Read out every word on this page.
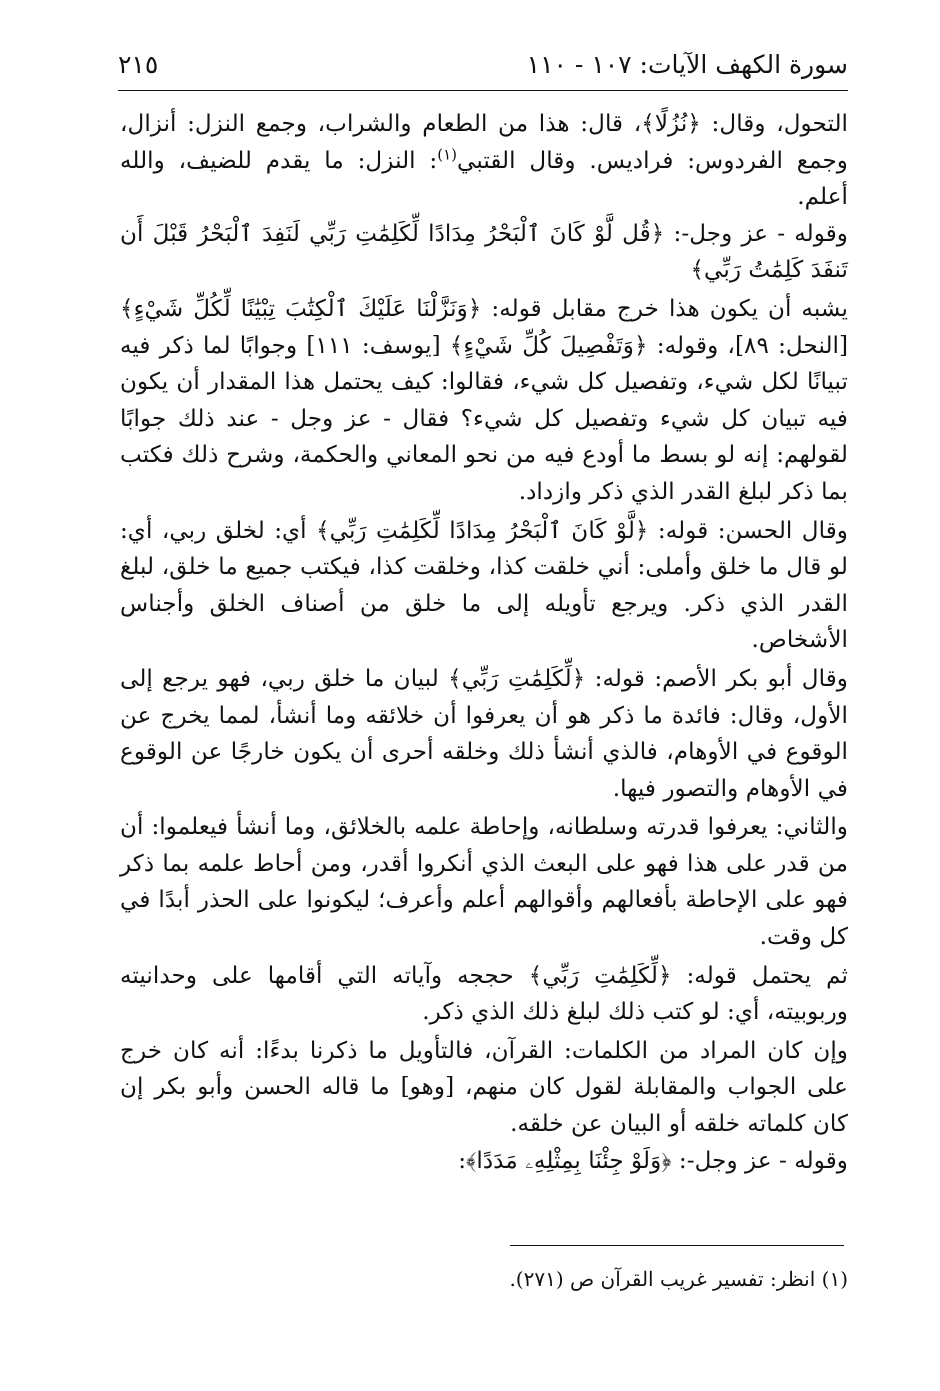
سورة الكهف الآيات: ١٠٧ - ١١٠
٢١٥

التحول، وقال: ﴿نُزُلًا﴾، قال: هذا من الطعام والشراب، وجمع النزل: أنزال، وجمع الفردوس: فراديس. وقال القتبي$^{(١)}$: النزل: ما يقدم للضيف، والله أعلم.

وقوله - عز وجل-: ﴿قُل لَّوْ كَانَ ٱلْبَحْرُ مِدَادًا لِّكَلِمَٰتِ رَبِّي لَنَفِدَ ٱلْبَحْرُ قَبْلَ أَن تَنفَدَ كَلِمَٰتُ رَبِّي﴾

يشبه أن يكون هذا خرج مقابل قوله: ﴿وَنَزَّلْنَا عَلَيْكَ ٱلْكِتَٰبَ تِبْيَٰنًا لِّكُلِّ شَيْءٍ﴾ [النحل: ٨٩]، وقوله: ﴿وَتَفْصِيلَ كُلِّ شَيْءٍ﴾ [يوسف: ١١١] وجوابًا لما ذكر فيه تبيانًا لكل شيء، وتفصيل كل شيء، فقالوا: كيف يحتمل هذا المقدار أن يكون فيه تبيان كل شيء وتفصيل كل شيء؟ فقال - عز وجل - عند ذلك جوابًا لقولهم: إنه لو بسط ما أودع فيه من نحو المعاني والحكمة، وشرح ذلك فكتب بما ذكر لبلغ القدر الذي ذكر وازداد.

وقال الحسن: قوله: ﴿لَّوْ كَانَ ٱلْبَحْرُ مِدَادًا لِّكَلِمَٰتِ رَبِّي﴾ أي: لخلق ربي، أي: لو قال ما خلق وأملى: أني خلقت كذا، وخلقت كذا، فيكتب جميع ما خلق، لبلغ القدر الذي ذكر. ويرجع تأويله إلى ما خلق من أصناف الخلق وأجناس الأشخاص.

وقال أبو بكر الأصم: قوله: ﴿لِّكَلِمَٰتِ رَبِّي﴾ لبيان ما خلق ربي، فهو يرجع إلى الأول، وقال: فائدة ما ذكر هو أن يعرفوا أن خلائقه وما أنشأ، لمما يخرج عن الوقوع في الأوهام، فالذي أنشأ ذلك وخلقه أحرى أن يكون خارجًا عن الوقوع في الأوهام والتصور فيها.

والثاني: يعرفوا قدرته وسلطانه، وإحاطة علمه بالخلائق، وما أنشأ فيعلموا: أن من قدر على هذا فهو على البعث الذي أنكروا أقدر، ومن أحاط علمه بما ذكر فهو على الإحاطة بأفعالهم وأقوالهم أعلم وأعرف؛ ليكونوا على الحذر أبدًا في كل وقت.

ثم يحتمل قوله: ﴿لِّكَلِمَٰتِ رَبِّي﴾ حججه وآياته التي أقامها على وحدانيته وربوبيته، أي: لو كتب ذلك لبلغ ذلك الذي ذكر.

وإن كان المراد من الكلمات: القرآن، فالتأويل ما ذكرنا بدءًا: أنه كان خرج على الجواب والمقابلة لقول كان منهم، [وهو] ما قاله الحسن وأبو بكر إن كان كلماته خلقه أو البيان عن خلقه.

وقوله - عز وجل-: ﴿وَلَوْ جِئْنَا بِمِثْلِهِۦ مَدَدًا﴾:

(١) انظر: تفسير غريب القرآن ص (٢٧١).
